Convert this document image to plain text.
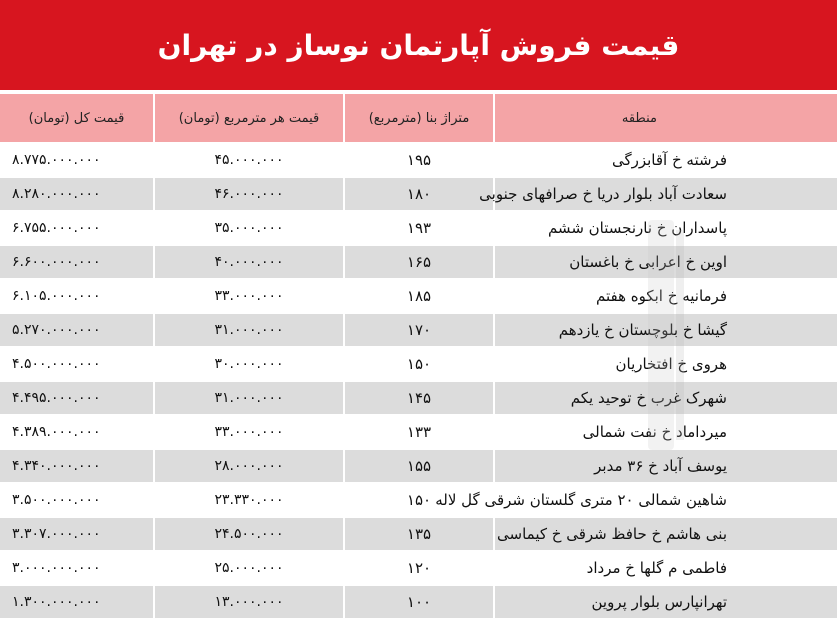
قیمت فروش آپارتمان نوساز در تهران
منطقه	متراژ بنا (مترمربع)	قیمت هر مترمربع (تومان)	قیمت کل (تومان)
فرشته خ آقابزرگی	۱۹۵	۴۵.۰۰۰.۰۰۰	۸.۷۷۵.۰۰۰.۰۰۰
سعادت آباد بلوار دریا خ صرافهای جنوبی	۱۸۰	۴۶.۰۰۰.۰۰۰	۸.۲۸۰.۰۰۰.۰۰۰
پاسداران خ نارنجستان ششم	۱۹۳	۳۵.۰۰۰.۰۰۰	۶.۷۵۵.۰۰۰.۰۰۰
اوین خ اعرابی خ باغستان	۱۶۵	۴۰.۰۰۰.۰۰۰	۶.۶۰۰.۰۰۰.۰۰۰
فرمانیه خ ابکوه هفتم	۱۸۵	۳۳.۰۰۰.۰۰۰	۶.۱۰۵.۰۰۰.۰۰۰
گیشا خ بلوچستان خ یازدهم	۱۷۰	۳۱.۰۰۰.۰۰۰	۵.۲۷۰.۰۰۰.۰۰۰
هروی خ افتخاریان	۱۵۰	۳۰.۰۰۰.۰۰۰	۴.۵۰۰.۰۰۰.۰۰۰
شهرک غرب خ توحید یکم	۱۴۵	۳۱.۰۰۰.۰۰۰	۴.۴۹۵.۰۰۰.۰۰۰
میرداماد خ نفت شمالی	۱۳۳	۳۳.۰۰۰.۰۰۰	۴.۳۸۹.۰۰۰.۰۰۰
یوسف آباد خ ۳۶ مدبر	۱۵۵	۲۸.۰۰۰.۰۰۰	۴.۳۴۰.۰۰۰.۰۰۰
شاهین شمالی ۲۰ متری گلستان شرقی گل لاله	۱۵۰	۲۳.۳۳۰.۰۰۰	۳.۵۰۰.۰۰۰.۰۰۰
بنی هاشم خ حافظ شرقی خ کیماسی	۱۳۵	۲۴.۵۰۰.۰۰۰	۳.۳۰۷.۰۰۰.۰۰۰
فاطمی م گلها خ مرداد	۱۲۰	۲۵.۰۰۰.۰۰۰	۳.۰۰۰.۰۰۰.۰۰۰
تهرانپارس بلوار پروین	۱۰۰	۱۳.۰۰۰.۰۰۰	۱.۳۰۰.۰۰۰.۰۰۰
